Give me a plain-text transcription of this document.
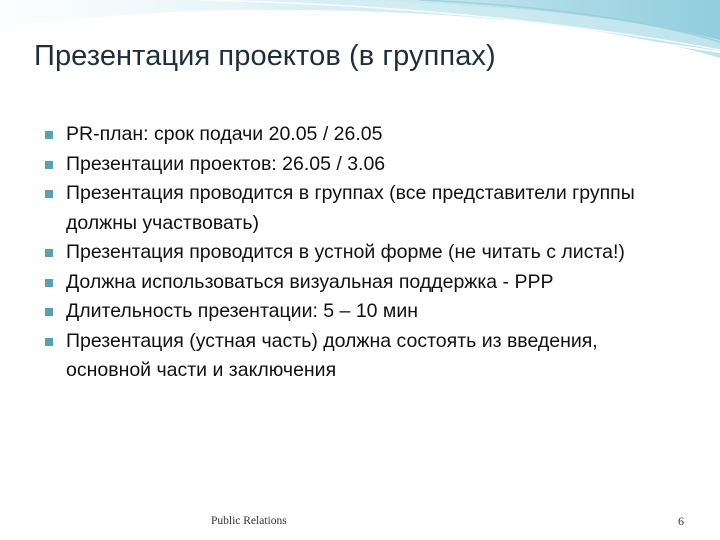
Презентация проектов (в группах)
PR-план: срок подачи 20.05 / 26.05
Презентации проектов: 26.05 / 3.06
Презентация проводится в группах (все представители группы должны участвовать)
Презентация проводится в устной форме (не читать с листа!)
Должна использоваться визуальная поддержка - PPP
Длительность презентации: 5 – 10 мин
Презентация (устная часть) должна состоять из введения, основной части и заключения
Public Relations	6
